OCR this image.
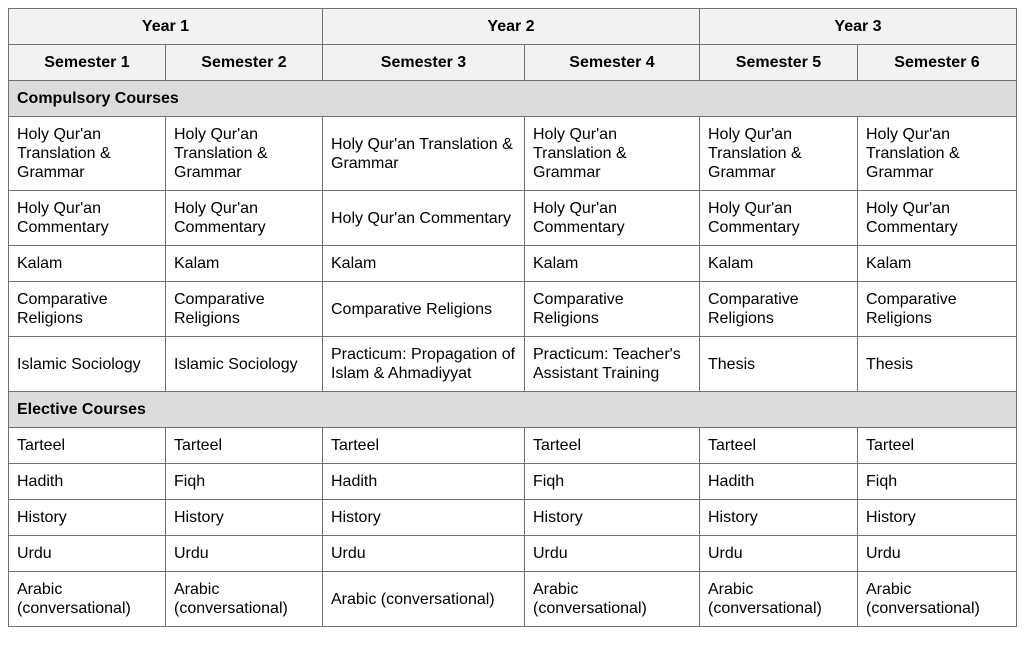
Year 1		Year 2		Year 3	
Semester 1	Semester 2	Semester 3	Semester 4	Semester 5	Semester 6
Compulsory Courses					
Holy Qur'an Translation & Grammar	Holy Qur'an Translation & Grammar	Holy Qur'an Translation & Grammar	Holy Qur'an Translation & Grammar	Holy Qur'an Translation & Grammar	Holy Qur'an Translation & Grammar
Holy Qur'an Commentary	Holy Qur'an Commentary	Holy Qur'an Commentary	Holy Qur'an Commentary	Holy Qur'an Commentary	Holy Qur'an Commentary
Kalam	Kalam	Kalam	Kalam	Kalam	Kalam
Comparative Religions	Comparative Religions	Comparative Religions	Comparative Religions	Comparative Religions	Comparative Religions
Islamic Sociology	Islamic Sociology	Practicum: Propagation of Islam & Ahmadiyyat	Practicum: Teacher's Assistant Training	Thesis	Thesis
Elective Courses					
Tarteel	Tarteel	Tarteel	Tarteel	Tarteel	Tarteel
Hadith	Fiqh	Hadith	Fiqh	Hadith	Fiqh
History	History	History	History	History	History
Urdu	Urdu	Urdu	Urdu	Urdu	Urdu
Arabic (conversational)	Arabic (conversational)	Arabic (conversational)	Arabic (conversational)	Arabic (conversational)	Arabic (conversational)
